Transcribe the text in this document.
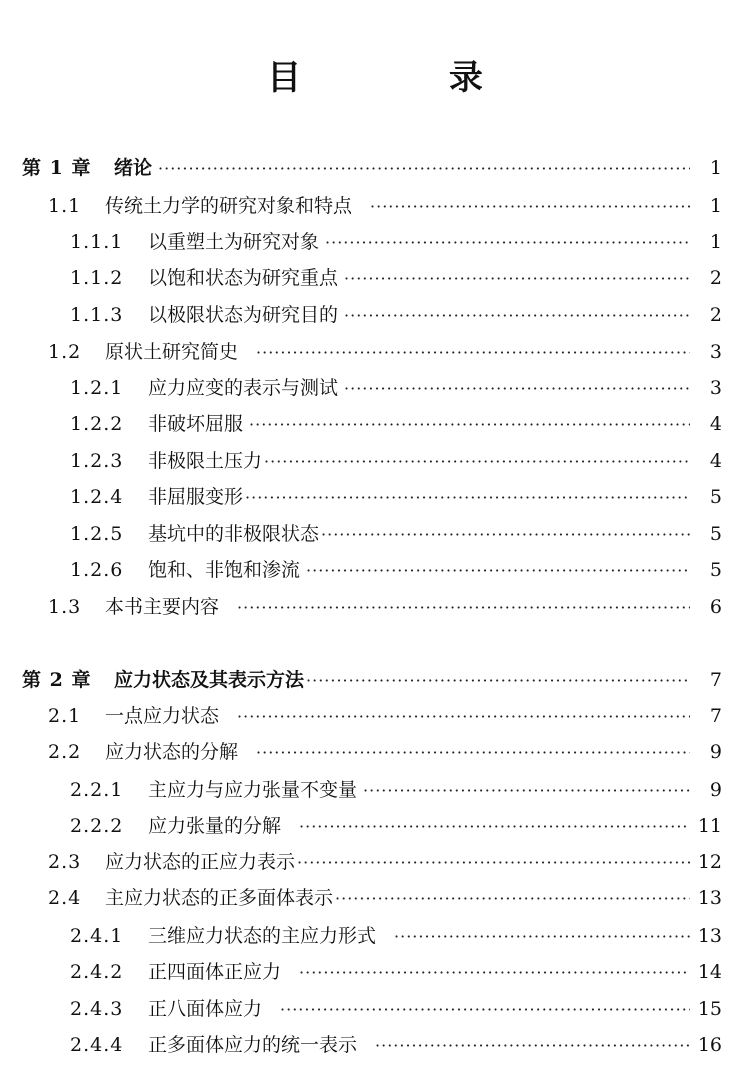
目 录
第 1 章	绪论 ·····	1
1.1	传统土力学的研究对象和特点 ·····	1
1.1.1	以重塑土为研究对象 ·····	1
1.1.2	以饱和状态为研究重点 ·····	2
1.1.3	以极限状态为研究目的 ·····	2
1.2	原状土研究简史 ·····	3
1.2.1	应力应变的表示与测试 ·····	3
1.2.2	非破坏屈服 ·····	4
1.2.3	非极限土压力 ·····	4
1.2.4	非屈服变形 ·····	5
1.2.5	基坑中的非极限状态 ·····	5
1.2.6	饱和、非饱和渗流 ·····	5
1.3	本书主要内容 ·····	6
第 2 章	应力状态及其表示方法 ·····	7
2.1	一点应力状态 ·····	7
2.2	应力状态的分解 ·····	9
2.2.1	主应力与应力张量不变量 ·····	9
2.2.2	应力张量的分解 ·····	11
2.3	应力状态的正应力表示 ·····	12
2.4	主应力状态的正多面体表示 ·····	13
2.4.1	三维应力状态的主应力形式 ·····	13
2.4.2	正四面体正应力 ·····	14
2.4.3	正八面体应力 ·····	15
2.4.4	正多面体应力的统一表示 ·····	16
